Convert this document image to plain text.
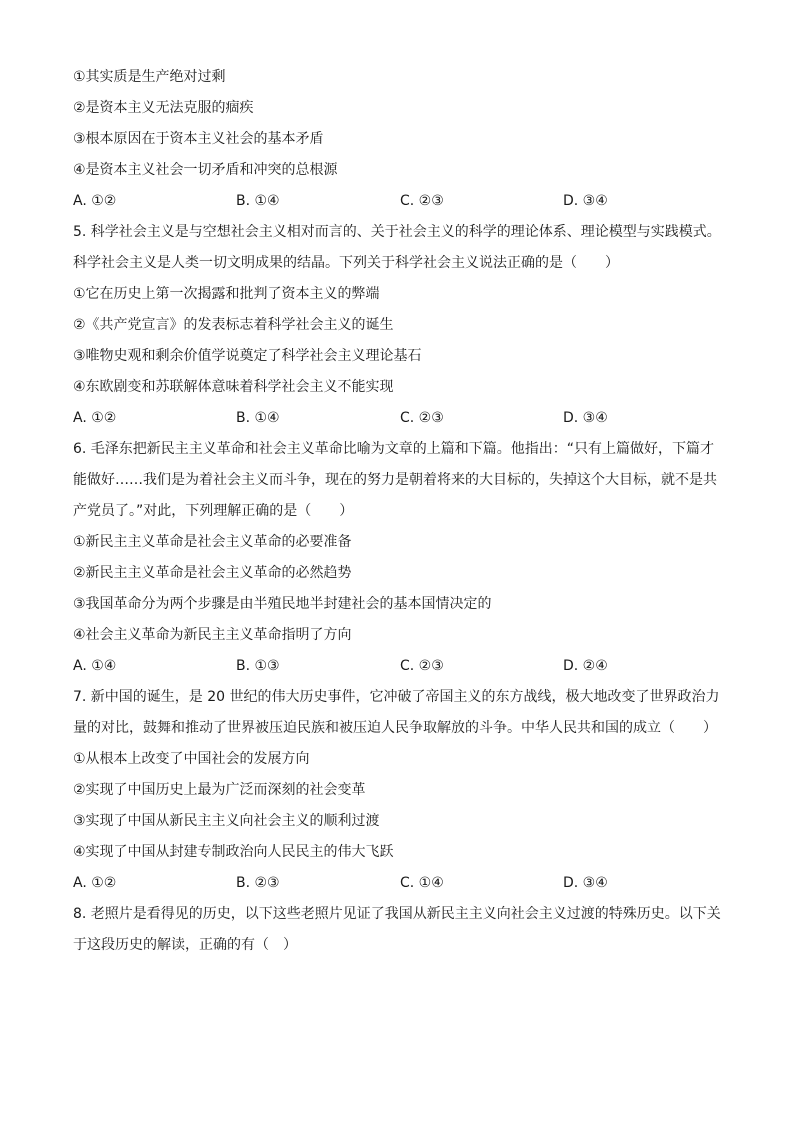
①其实质是生产绝对过剩
②是资本主义无法克服的痼疾
③根本原因在于资本主义社会的基本矛盾
④是资本主义社会一切矛盾和冲突的总根源
A. ①②	B. ①④	C. ②③	D. ③④
5. 科学社会主义是与空想社会主义相对而言的、关于社会主义的科学的理论体系、理论模型与实践模式。
科学社会主义是人类一切文明成果的结晶。下列关于科学社会主义说法正确的是（　　）
①它在历史上第一次揭露和批判了资本主义的弊端
②《共产党宣言》的发表标志着科学社会主义的诞生
③唯物史观和剩余价值学说奠定了科学社会主义理论基石
④东欧剧变和苏联解体意味着科学社会主义不能实现
A. ①②	B. ①④	C. ②③	D. ③④
6. 毛泽东把新民主主义革命和社会主义革命比喻为文章的上篇和下篇。他指出：“只有上篇做好，下篇才
能做好……我们是为着社会主义而斗争，现在的努力是朝着将来的大目标的，失掉这个大目标，就不是共
产党员了。”对此，下列理解正确的是（　　）
①新民主主义革命是社会主义革命的必要准备
②新民主主义革命是社会主义革命的必然趋势
③我国革命分为两个步骤是由半殖民地半封建社会的基本国情决定的
④社会主义革命为新民主主义革命指明了方向
A. ①④	B. ①③	C. ②③	D. ②④
7. 新中国的诞生，是 20 世纪的伟大历史事件，它冲破了帝国主义的东方战线，极大地改变了世界政治力
量的对比，鼓舞和推动了世界被压迫民族和被压迫人民争取解放的斗争。中华人民共和国的成立（　　）
①从根本上改变了中国社会的发展方向
②实现了中国历史上最为广泛而深刻的社会变革
③实现了中国从新民主主义向社会主义的顺利过渡
④实现了中国从封建专制政治向人民民主的伟大飞跃
A. ①②	B. ②③	C. ①④	D. ③④
8. 老照片是看得见的历史，以下这些老照片见证了我国从新民主主义向社会主义过渡的特殊历史。以下关
于这段历史的解读，正确的有（　）
